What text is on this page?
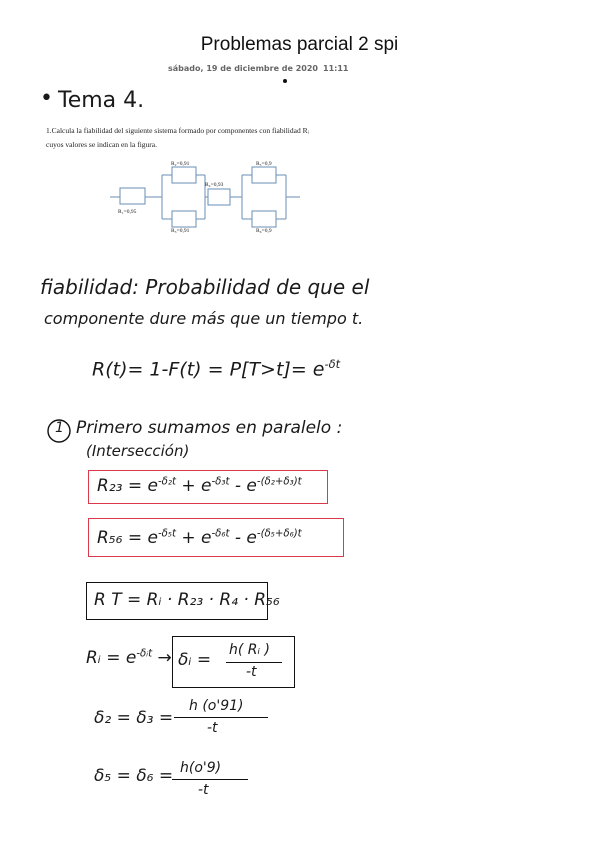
Problemas parcial 2 spi
sábado, 19 de diciembre de 2020 11:11
• Tema 4.
1.Calcula la fiabilidad del siguiente sistema formado por componentes con fiabilidad Rᵢ
cuyos valores se indican en la figura.
R₂=0,91
R₃=0,91
R₄=0,93
R₅=0,9
R₆=0,9
R₁=0,95
fiabilidad: Probabilidad de que el
componente dure más que un tiempo t.
$R(t)= 1-F(t) = P[T>t]= e^{-\delta t}$
1 Primero sumamos en paralelo :
(Intersección)
$R_{23} = e^{-\delta_2t} + e^{-\delta_3t} - e^{-(\delta_2+\delta_3)t}$
$R_{56} = e^{-\delta_5t} + e^{-\delta_6t} - e^{-(\delta_5+\delta_6)t}$
R T = Rᵢ · R₂₃ · R₄ · R₅₆
Rᵢ = $e^{-\delta ᵢt}$ → δᵢ = h( Rᵢ )
-t
δ₂ = δ₃ =
h (o'91)
-t
δ₅ = δ₆ = h(o'9)
-t
